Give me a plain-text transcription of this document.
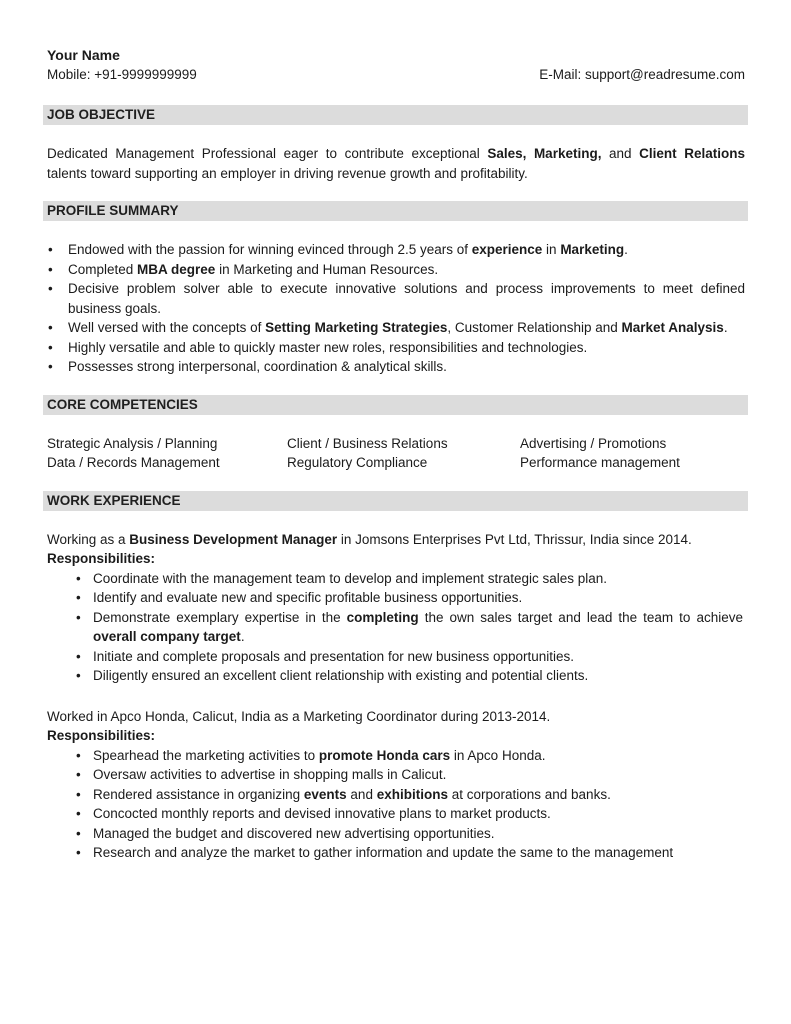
Your Name
Mobile: +91-9999999999	E-Mail: support@readresume.com
JOB OBJECTIVE

Dedicated Management Professional eager to contribute exceptional Sales, Marketing, and Client Relations talents toward supporting an employer in driving revenue growth and profitability.

PROFILE SUMMARY
• Endowed with the passion for winning evinced through 2.5 years of experience in Marketing.
• Completed MBA degree in Marketing and Human Resources.
• Decisive problem solver able to execute innovative solutions and process improvements to meet defined business goals.
• Well versed with the concepts of Setting Marketing Strategies, Customer Relationship and Market Analysis.
• Highly versatile and able to quickly master new roles, responsibilities and technologies.
• Possesses strong interpersonal, coordination & analytical skills.
CORE COMPETENCIES
Strategic Analysis / Planning
Data / Records Management
Client / Business Relations
Regulatory Compliance
Advertising / Promotions
Performance management
WORK EXPERIENCE

Working as a Business Development Manager in Jomsons Enterprises Pvt Ltd, Thrissur, India since 2014.

Responsibilities:

• Coordinate with the management team to develop and implement strategic sales plan.
• Identify and evaluate new and specific profitable business opportunities.
• Demonstrate exemplary expertise in the completing the own sales target and lead the team to achieve overall company target.
• Initiate and complete proposals and presentation for new business opportunities.
• Diligently ensured an excellent client relationship with existing and potential clients.

Worked in Apco Honda, Calicut, India as a Marketing Coordinator during 2013-2014.

Responsibilities:

• Spearhead the marketing activities to promote Honda cars in Apco Honda.
• Oversaw activities to advertise in shopping malls in Calicut.
• Rendered assistance in organizing events and exhibitions at corporations and banks.
• Concocted monthly reports and devised innovative plans to market products.
• Managed the budget and discovered new advertising opportunities.
• Research and analyze the market to gather information and update the same to the management
